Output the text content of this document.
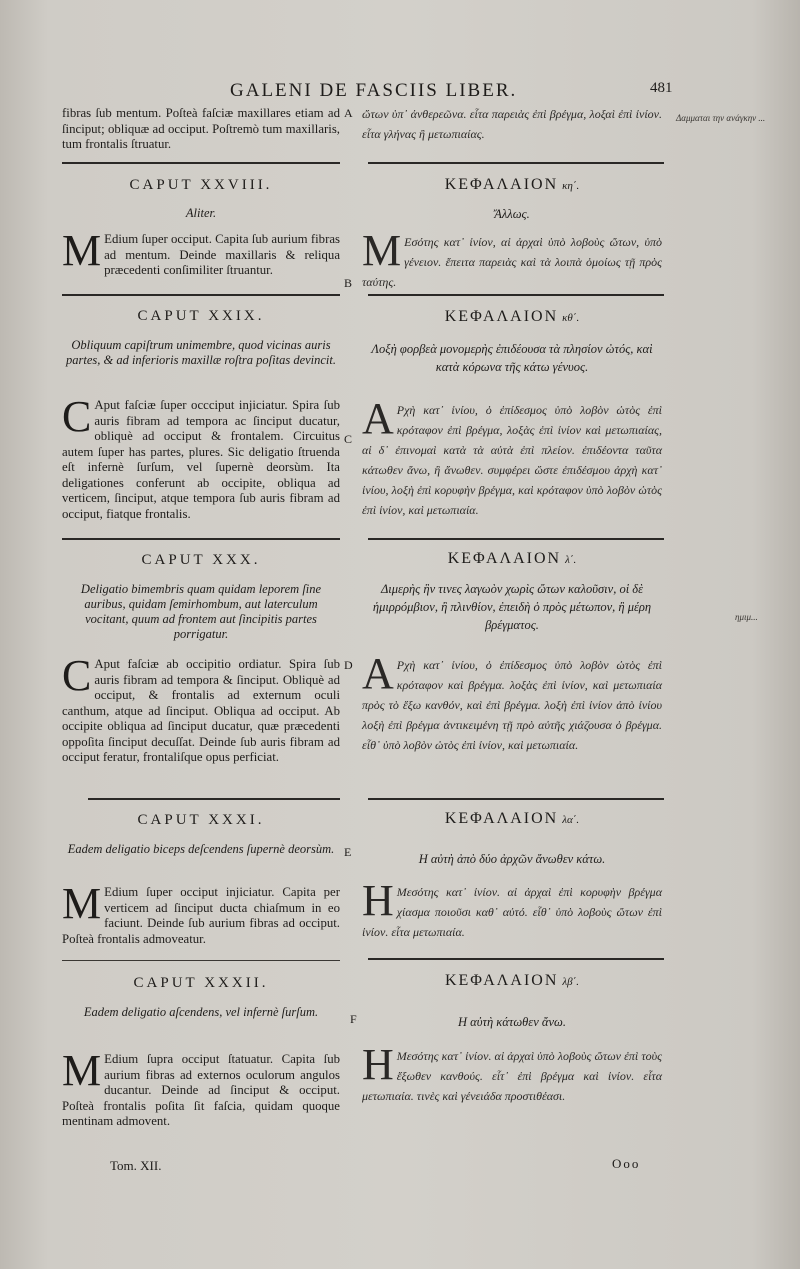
GALENI DE FASCIIS LIBER.	481
Δαμμαται την ανάγκην ...
ημιμ...
A
B
C
D
E
F
fibras ſub mentum. Poſteà faſciæ maxillares etiam ad ſinciput; obliquæ ad occiput. Poſtremò tum maxillaris, tum frontalis ſtruatur.
ὤτων ὑπ᾽ ἀνθερεῶνα. εἶτα παρειὰς ἐπὶ βρέγμα, λοξαὶ ἐπὶ ἰνίον. εἶτα γλήνας ἢ μετωπιαίας.
CAPUT XXVIII.	ΚΕΦΑΛΑΙΟΝ κη΄.
Aliter.	Ἄλλως.
M Edium ſuper occiput. Capita ſub aurium fibras ad mentum. Deinde maxillaris & reliqua præcedenti conſimiliter ſtruantur.	Μ Εσότης κατ᾽ ἰνίον, αἱ ἀρχαὶ ὑπὸ λοβοὺς ὤτων, ὑπὸ γένειον. ἔπειτα παρειὰς καὶ τὰ λοιπὰ ὁμοίως τῇ πρὸς ταύτης.
CAPUT XXIX.	ΚΕΦΑΛΑΙΟΝ κθ΄.
Obliquum capiſtrum unimembre, quod vicinas auris partes, & ad inferioris maxillæ roſtra poſitas devincit.
Λοξὴ φορβεὰ μονομερὴς ἐπιδέουσα τὰ πλησίον ὠτός, καὶ κατὰ κόρωνα τῆς κάτω γένυος.
C Aput faſciæ ſuper occciput injiciatur. Spira ſub auris fibram ad tempora ac ſinciput ducatur, obliquè ad occiput & frontalem. Circuitus autem ſuper has partes, plures. Sic deligatio ſtruenda eſt infernè ſurſum, vel ſupernè deorsùm. Ita deligationes conferunt ab occipite, obliqua ad verticem, ſinciput, atque tempora ſub auris fibram ad occiput, fiatque frontalis.
Α Ρχὴ κατ᾽ ἰνίου, ὁ ἐπίδεσμος ὑπὸ λοβὸν ὠτὸς ἐπὶ κρόταφον ἐπὶ βρέγμα, λοξὰς ἐπὶ ἰνίον καὶ μετωπιαίας, αἱ δ᾽ ἐπινομαὶ κατὰ τὰ αὐτὰ ἐπὶ πλείον. ἐπιδέοντα ταῦτα κάτωθεν ἄνω, ἢ ἄνωθεν. συμφέρει ὥστε ἐπιδέσμου ἀρχὴ κατ᾽ ἰνίου, λοξὴ ἐπὶ κορυφὴν βρέγμα, καὶ κρόταφον ὑπὸ λοβὸν ὠτὸς ἐπὶ ἰνίον, καὶ μετωπιαία.
CAPUT XXX.	ΚΕΦΑΛΑΙΟΝ λ΄.
Deligatio bimembris quam quidam leporem ſine auribus, quidam ſemirhombum, aut laterculum vocitant, quum ad frontem aut ſincipitis partes porrigatur.
Διμερὴς ἣν τινες λαγωὸν χωρὶς ὤτων καλοῦσιν, οἱ δὲ ἡμιρρόμβιον, ἢ πλινθίον, ἐπειδὴ ὁ πρὸς μέτωπον, ἢ μέρη βρέγματος.
C Aput faſciæ ab occipitio ordiatur. Spira ſub auris fibram ad tempora & ſinciput. Obliquè ad occiput, & frontalis ad externum oculi canthum, atque ad ſinciput. Obliqua ad occiput. Ab occipite obliqua ad ſinciput ducatur, quæ præcedenti oppoſita ſinciput decuſſat. Deinde ſub auris fibram ad occiput feratur, frontaliſque opus perficiat.
Α Ρχὴ κατ᾽ ἰνίου, ὁ ἐπίδεσμος ὑπὸ λοβὸν ὠτὸς ἐπὶ κρόταφον καὶ βρέγμα. λοξὰς ἐπὶ ἰνίον, καὶ μετωπιαία πρὸς τὸ ἔξω κανθόν, καὶ ἐπὶ βρέγμα. λοξὴ ἐπὶ ἰνίον ἀπὸ ἰνίου λοξὴ ἐπὶ βρέγμα ἀντικειμένη τῇ πρὸ αὐτῆς χιάζουσα ὁ βρέγμα. εἶθ᾽ ὑπὸ λοβὸν ὠτὸς ἐπὶ ἰνίον, καὶ μετωπιαία.
CAPUT XXXI.	ΚΕΦΑΛΑΙΟΝ λα΄.
Eadem deligatio biceps deſcendens ſupernè deorsùm.
Η αὐτὴ ἀπὸ δύο ἀρχῶν ἄνωθεν κάτω.
M Edium ſuper occiput injiciatur. Capita per verticem ad ſinciput ducta chiaſmum in eo faciunt. Deinde ſub aurium fibras ad occiput. Poſteà frontalis admoveatur.
Η Μεσότης κατ᾽ ἰνίον. αἱ ἀρχαὶ ἐπὶ κορυφὴν βρέγμα χίασμα ποιοῦσι καθ᾽ αὐτό. εἶθ᾽ ὑπὸ λοβοὺς ὤτων ἐπὶ ἰνίον. εἶτα μετωπιαία.
CAPUT XXXII.	ΚΕΦΑΛΑΙΟΝ λβ΄.
Eadem deligatio aſcendens, vel infernè ſurſum.
Η αὐτὴ κάτωθεν ἄνω.
M Edium ſupra occiput ſtatuatur. Capita ſub aurium fibras ad externos oculorum angulos ducantur. Deinde ad ſinciput & occiput. Poſteà frontalis poſita ſit faſcia, quidam quoque mentinam admovent.
Η Μεσότης κατ᾽ ἰνίον. αἱ ἀρχαὶ ὑπὸ λοβοὺς ὤτων ἐπὶ τοὺς ἔξωθεν κανθούς. εἶτ᾽ ἐπὶ βρέγμα καὶ ἰνίον. εἶτα μετωπιαία. τινὲς καὶ γένειάδα προστιθέασι.
Tom. XII.	Ooo
